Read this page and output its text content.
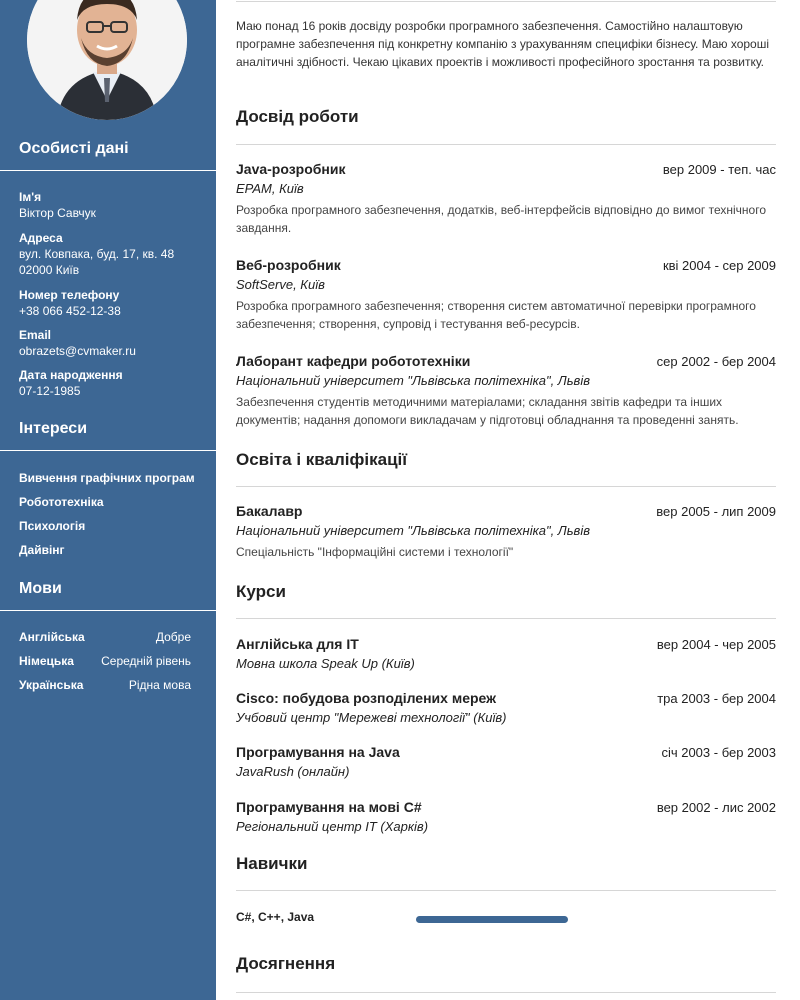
Особисті дані
Ім'я
Віктор Савчук
Адреса
вул. Ковпака, буд. 17, кв. 48
02000 Київ
Номер телефону
+38 066 452-12-38
Email
obrazets@cvmaker.ru
Дата народження
07-12-1985
Інтереси
Вивчення графічних програм
Робототехніка
Психологія
Дайвінг
Мови
Англійська	Добре
Німецька Середній рівень
Українська	Рідна мова
Маю понад 16 років досвіду розробки програмного забезпечення. Самостійно налаштовую програмне забезпечення під конкретну компанію з урахуванням специфіки бізнесу. Маю хороші аналітичні здібності. Чекаю цікавих проектів і можливості професійного зростання та розвитку.
Досвід роботи
Java-розробник	вер 2009 - теп. час
EPAM, Київ
Розробка програмного забезпечення, додатків, веб-інтерфейсів відповідно до вимог технічного завдання.
Веб-розробник	кві 2004 - сер 2009
SoftServe, Київ
Розробка програмного забезпечення; створення систем автоматичної перевірки програмного забезпечення; створення, супровід і тестування веб-ресурсів.
Лаборант кафедри робототехніки	сер 2002 - бер 2004
Національний університет "Львівська політехніка", Львів
Забезпечення студентів методичними матеріалами; складання звітів кафедри та інших документів; надання допомоги викладачам у підготовці обладнання та проведенні занять.
Освіта і кваліфікації
Бакалавр	вер 2005 - лип 2009
Національний університет "Львівська політехніка", Львів
Спеціальність "Інформаційні системи і технології"
Курси
Англійська для IT	вер 2004 - чер 2005
Мовна школа Speak Up (Київ)
Cisco: побудова розподілених мереж	тра 2003 - бер 2004
Учбовий центр "Мережеві технології" (Київ)
Програмування на Java	січ 2003 - бер 2003
JavaRush (онлайн)
Програмування на мові C#	вер 2002 - лис 2002
Регіональний центр IT (Харків)
Навички
C#, C++, Java
Досягнення
